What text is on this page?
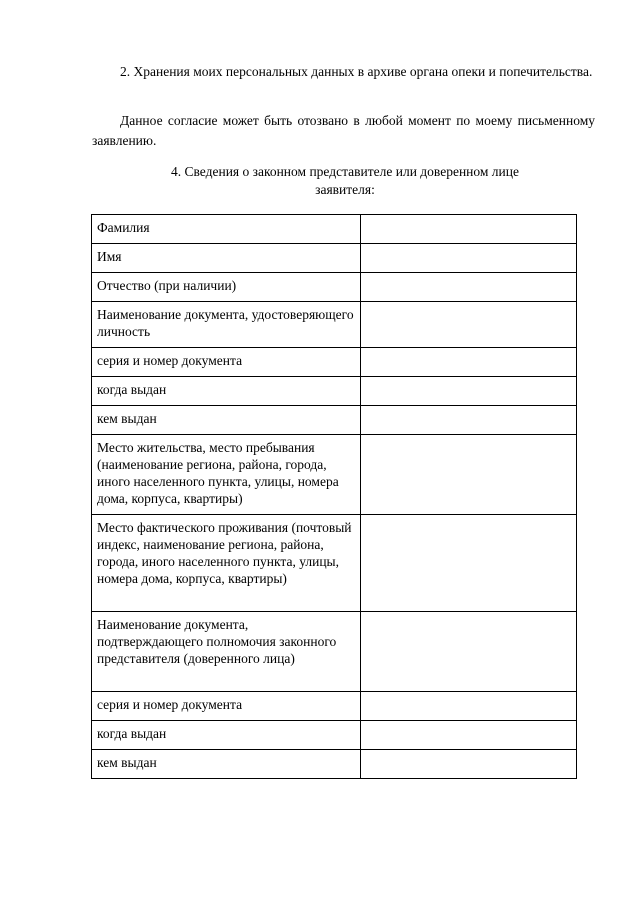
2. Хранения моих персональных данных в архиве органа опеки и попечительства.

Данное согласие может быть отозвано в любой момент по моему письменному заявлению.

4. Сведения о законном представителе или доверенном лице заявителя:

Фамилия	
Имя	
Отчество (при наличии)	
Наименование документа, удостоверяющего личность	
серия и номер документа	
когда выдан	
кем выдан	
Место жительства, место пребывания (наименование региона, района, города, иного населенного пункта, улицы, номера дома, корпуса, квартиры)	
Место фактического проживания (почтовый индекс, наименование региона, района, города, иного населенного пункта, улицы, номера дома, корпуса, квартиры)	
Наименование документа, подтверждающего полномочия законного представителя (доверенного лица)	
серия и номер документа	
когда выдан	
кем выдан	
